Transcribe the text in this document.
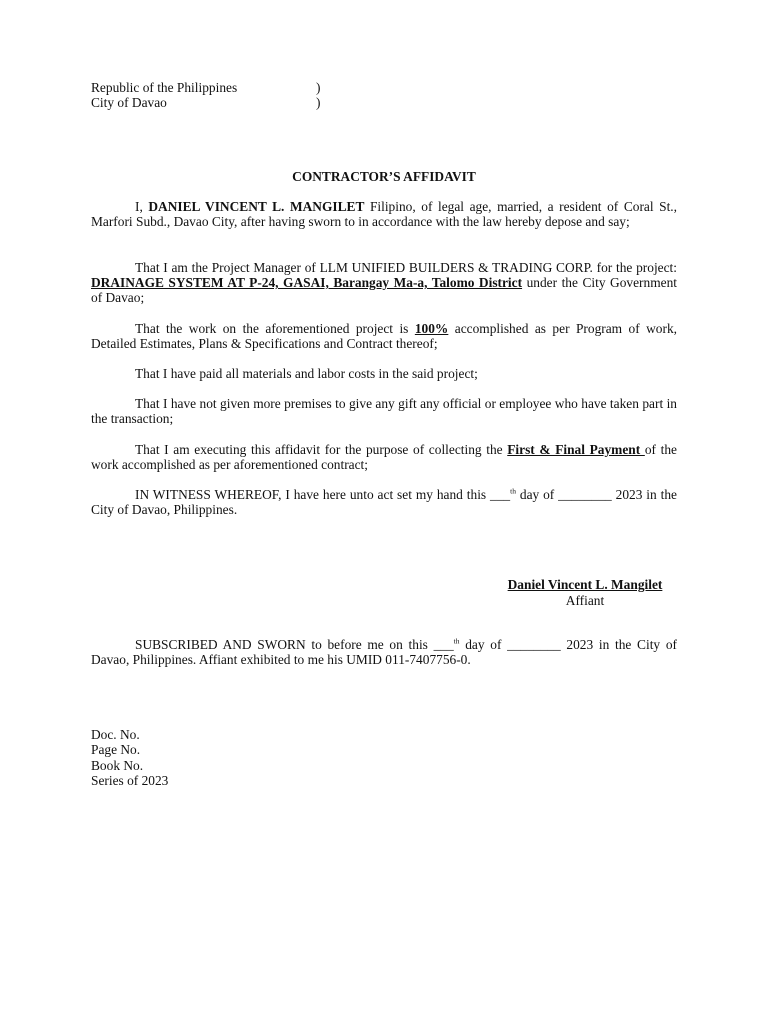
Republic of the Philippines	)
City of Davao	)
CONTRACTOR’S AFFIDAVIT
I, DANIEL VINCENT L. MANGILET Filipino, of legal age, married, a resident of Coral St., Marfori Subd., Davao City, after having sworn to in accordance with the law hereby depose and say;
That I am the Project Manager of LLM UNIFIED BUILDERS & TRADING CORP. for the project: DRAINAGE SYSTEM AT P-24, GASAI, Barangay Ma-a, Talomo District under the City Government of Davao;
That the work on the aforementioned project is 100% accomplished as per Program of work, Detailed Estimates, Plans & Specifications and Contract thereof;
That I have paid all materials and labor costs in the said project;
That I have not given more premises to give any gift any official or employee who have taken part in the transaction;
That I am executing this affidavit for the purpose of collecting the First & Final Payment of the work accomplished as per aforementioned contract;
IN WITNESS WHEREOF, I have here unto act set my hand this ___$^{th}$ day of ________ 2023 in the City of Davao, Philippines.
Daniel Vincent L. Mangilet
Affiant
SUBSCRIBED AND SWORN to before me on this ___$^{th}$ day of ________ 2023 in the City of Davao, Philippines. Affiant exhibited to me his UMID 011-7407756-0.
Doc. No.
Page No.
Book No.
Series of 2023
